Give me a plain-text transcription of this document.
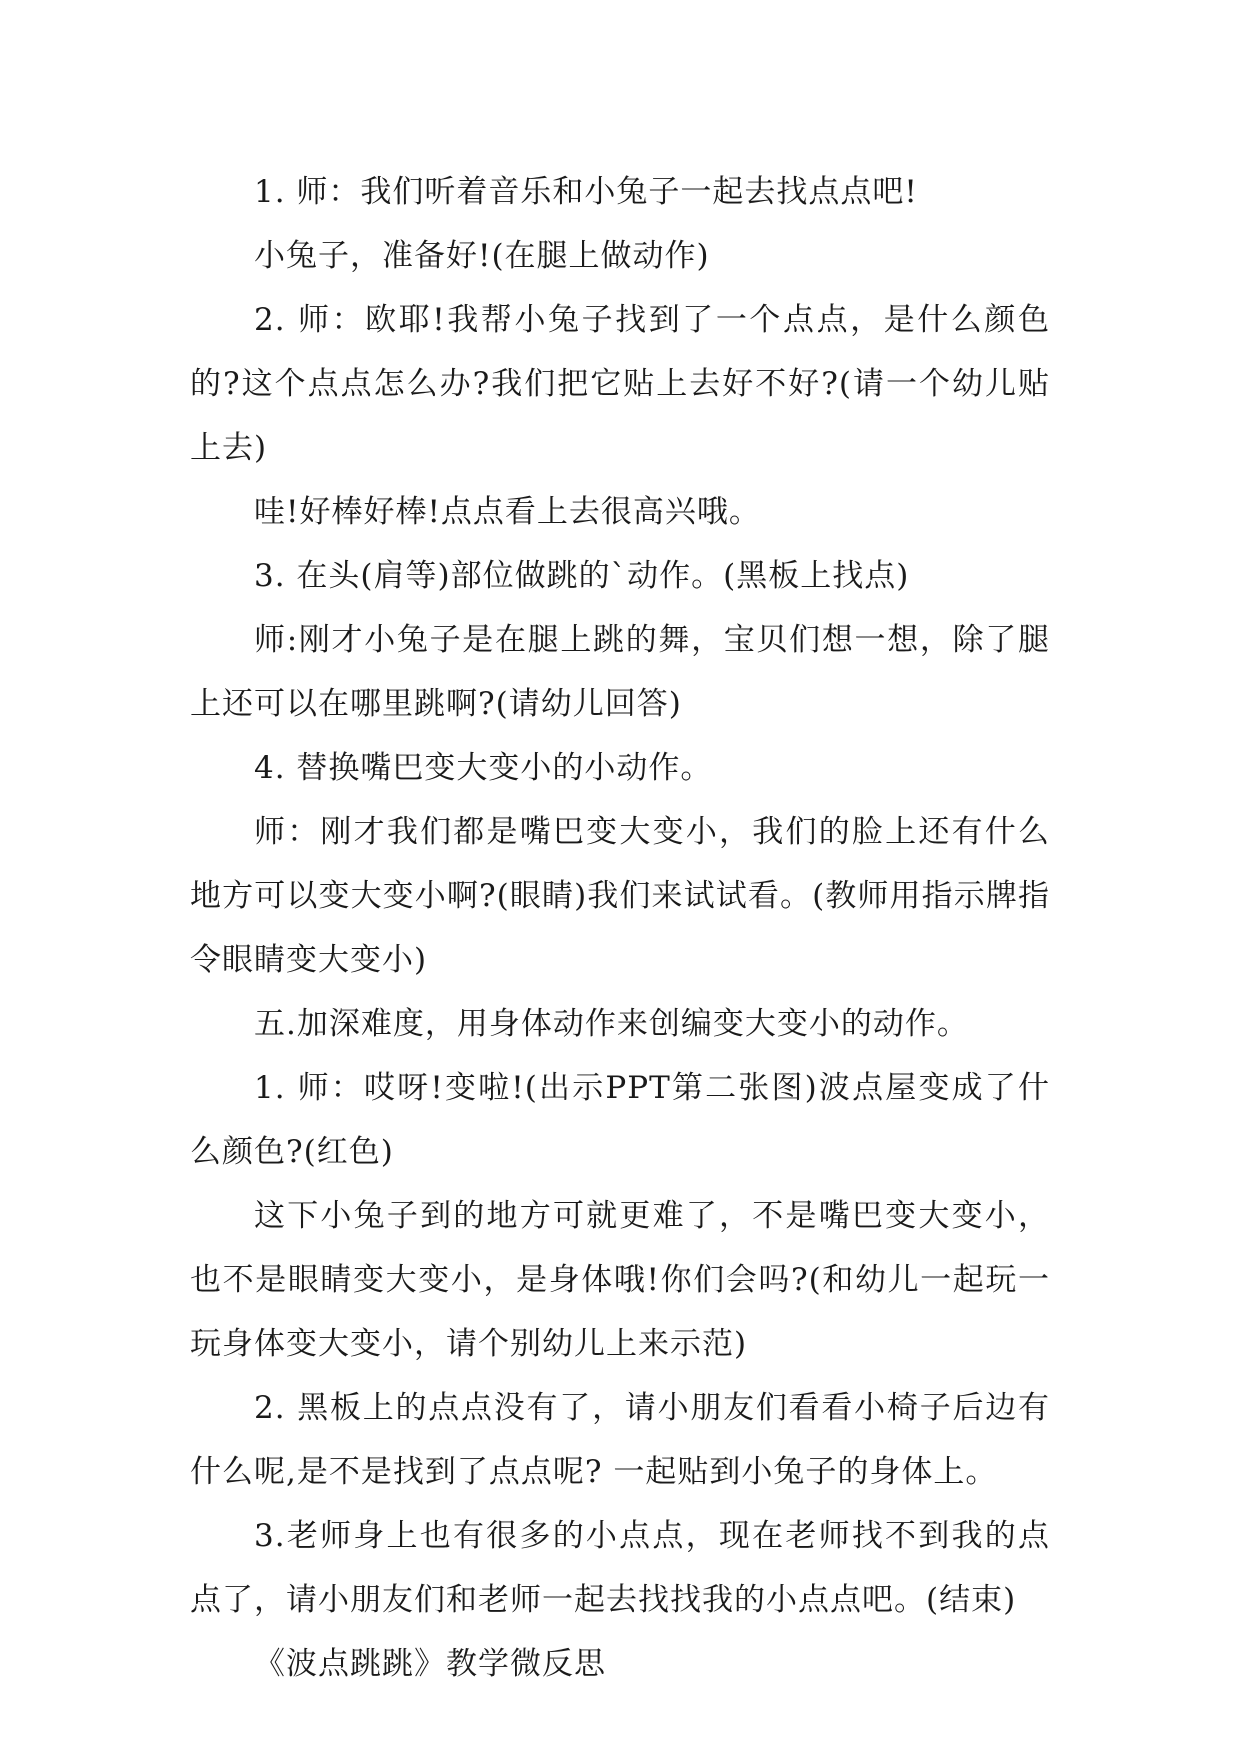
1. 师：我们听着音乐和小兔子一起去找点点吧!

小兔子，准备好!(在腿上做动作)

2. 师：欧耶!我帮小兔子找到了一个点点，是什么颜色的?这个点点怎么办?我们把它贴上去好不好?(请一个幼儿贴上去)

哇!好棒好棒!点点看上去很高兴哦。

3. 在头(肩等)部位做跳的`动作。(黑板上找点)

师:刚才小兔子是在腿上跳的舞，宝贝们想一想，除了腿上还可以在哪里跳啊?(请幼儿回答)

4. 替换嘴巴变大变小的小动作。

师：刚才我们都是嘴巴变大变小，我们的脸上还有什么地方可以变大变小啊?(眼睛)我们来试试看。(教师用指示牌指令眼睛变大变小)

五.加深难度，用身体动作来创编变大变小的动作。

1. 师：哎呀!变啦!(出示PPT第二张图)波点屋变成了什么颜色?(红色)

这下小兔子到的地方可就更难了，不是嘴巴变大变小，也不是眼睛变大变小，是身体哦!你们会吗?(和幼儿一起玩一玩身体变大变小，请个别幼儿上来示范)

2. 黑板上的点点没有了，请小朋友们看看小椅子后边有什么呢,是不是找到了点点呢? 一起贴到小兔子的身体上。

3.老师身上也有很多的小点点，现在老师找不到我的点点了，请小朋友们和老师一起去找找我的小点点吧。(结束)

《波点跳跳》教学微反思
